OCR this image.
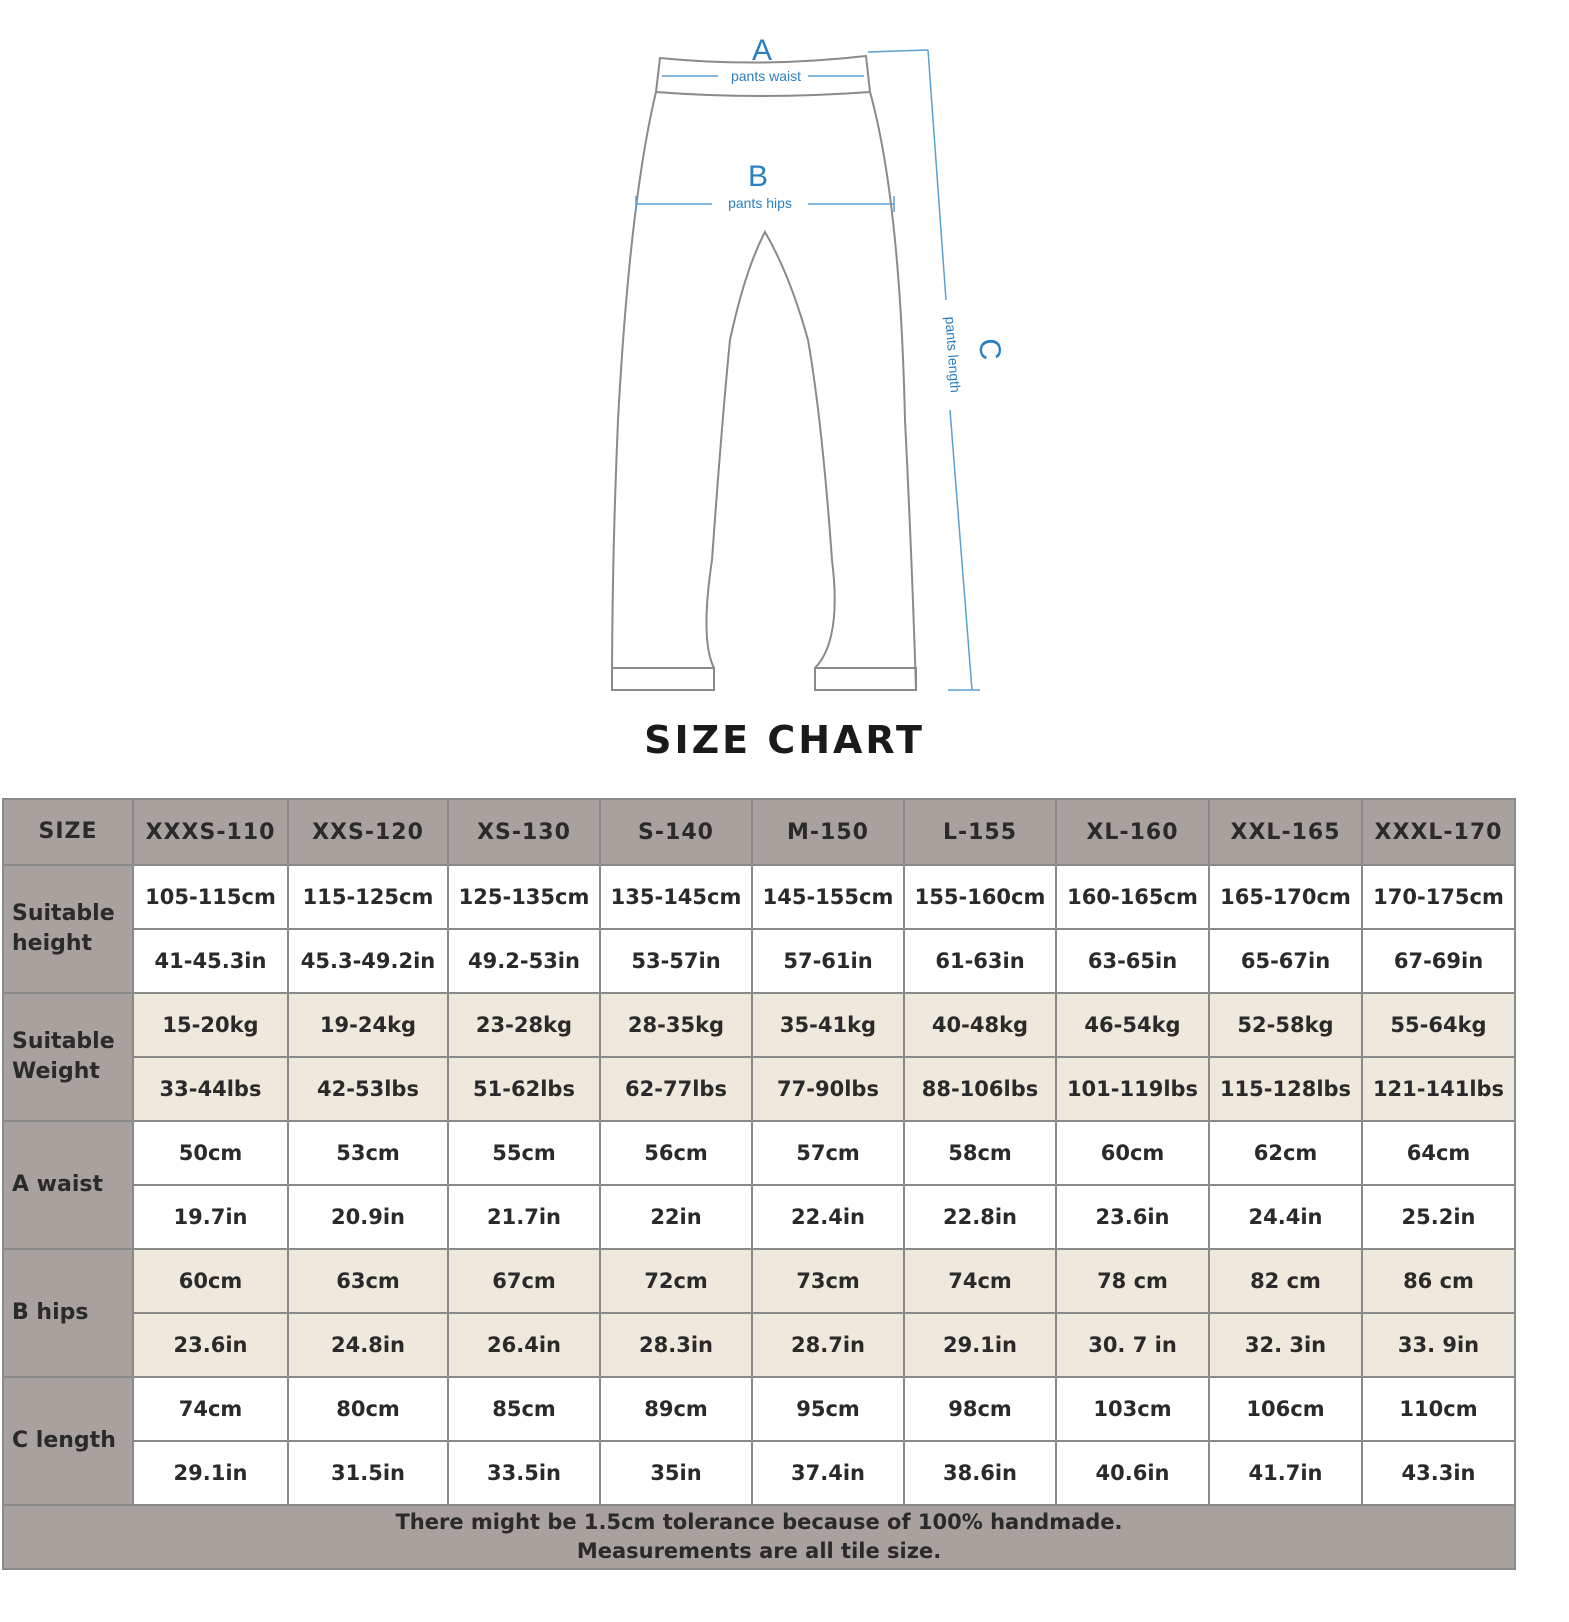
A
pants waist
B
pants hips
C
pants length
SIZE CHART
SIZE	XXXS-110	XXS-120	XS-130	S-140	M-150	L-155	XL-160	XXL-165	XXXL-170
Suitable height	105-115cm	115-125cm	125-135cm	135-145cm	145-155cm	155-160cm	160-165cm	165-170cm	170-175cm
	41-45.3in	45.3-49.2in	49.2-53in	53-57in	57-61in	61-63in	63-65in	65-67in	67-69in
Suitable Weight	15-20kg	19-24kg	23-28kg	28-35kg	35-41kg	40-48kg	46-54kg	52-58kg	55-64kg
	33-44lbs	42-53lbs	51-62lbs	62-77lbs	77-90lbs	88-106lbs	101-119lbs	115-128lbs	121-141lbs
A waist	50cm	53cm	55cm	56cm	57cm	58cm	60cm	62cm	64cm
	19.7in	20.9in	21.7in	22in	22.4in	22.8in	23.6in	24.4in	25.2in
B hips	60cm	63cm	67cm	72cm	73cm	74cm	78 cm	82 cm	86 cm
	23.6in	24.8in	26.4in	28.3in	28.7in	29.1in	30. 7 in	32. 3in	33. 9in
C length	74cm	80cm	85cm	89cm	95cm	98cm	103cm	106cm	110cm
	29.1in	31.5in	33.5in	35in	37.4in	38.6in	40.6in	41.7in	43.3in

There might be 1.5cm tolerance because of 100% handmade.
Measurements are all tile size.									
